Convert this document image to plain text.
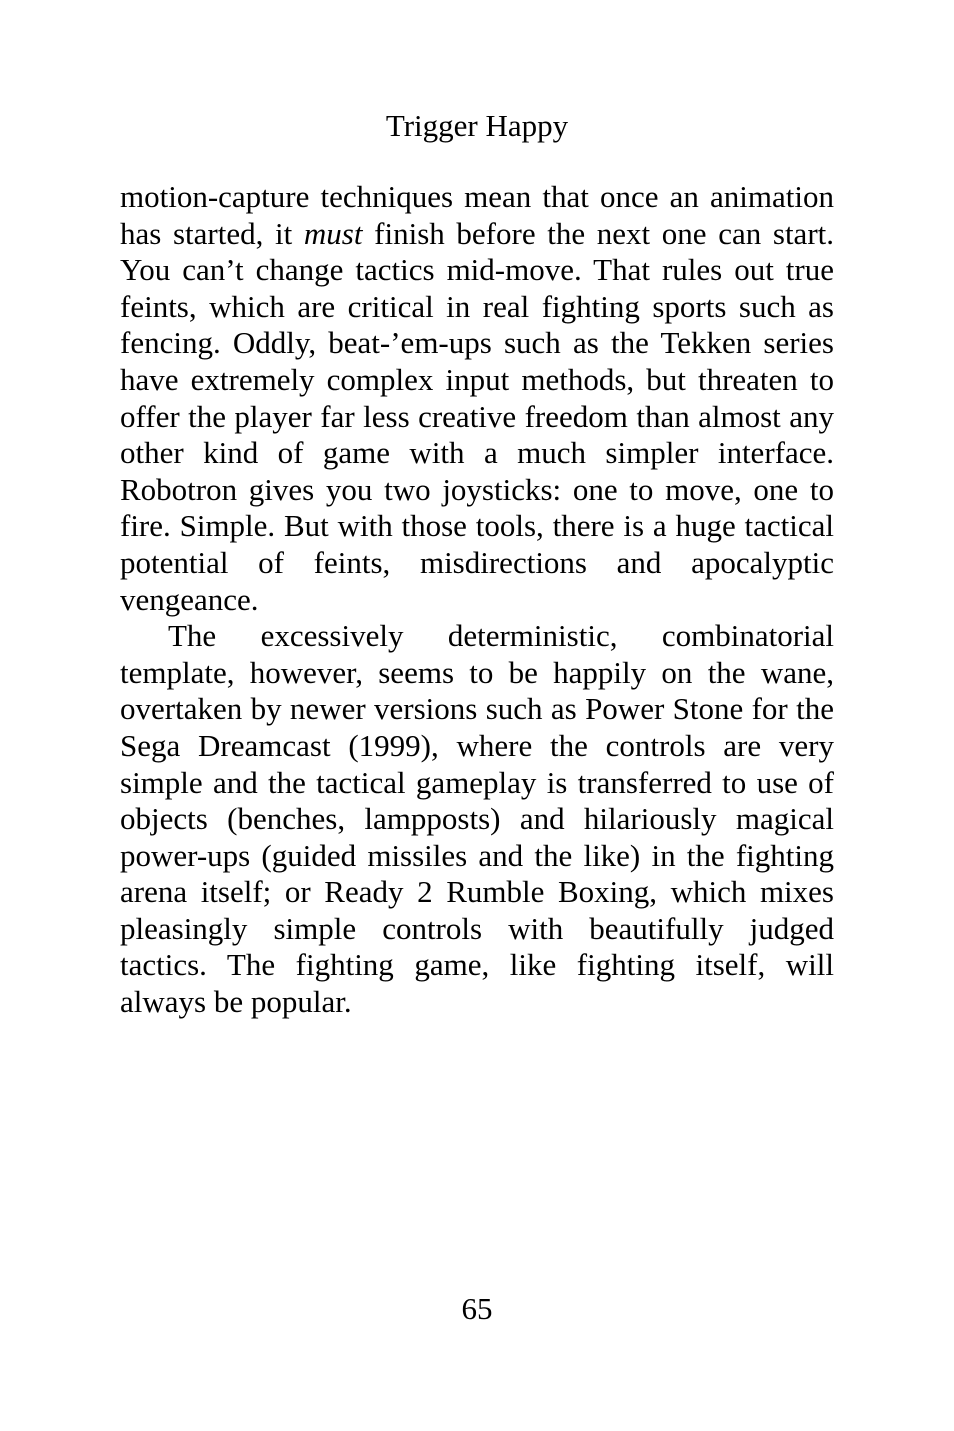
Trigger Happy

motion-capture techniques mean that once an animation has started, it must finish before the next one can start. You can’t change tactics mid-move. That rules out true feints, which are critical in real fighting sports such as fencing. Oddly, beat-’em-ups such as the Tekken series have extremely complex input methods, but threaten to offer the player far less creative freedom than almost any other kind of game with a much simpler interface. Robotron gives you two joysticks: one to move, one to fire. Simple. But with those tools, there is a huge tactical potential of feints, misdirections and apocalyptic vengeance.

The excessively deterministic, combinatorial template, however, seems to be happily on the wane, overtaken by newer versions such as Power Stone for the Sega Dreamcast (1999), where the controls are very simple and the tactical gameplay is transferred to use of objects (benches, lampposts) and hilariously magical power-ups (guided missiles and the like) in the fighting arena itself; or Ready 2 Rumble Boxing, which mixes pleasingly simple controls with beautifully judged tactics. The fighting game, like fighting itself, will always be popular.

65
